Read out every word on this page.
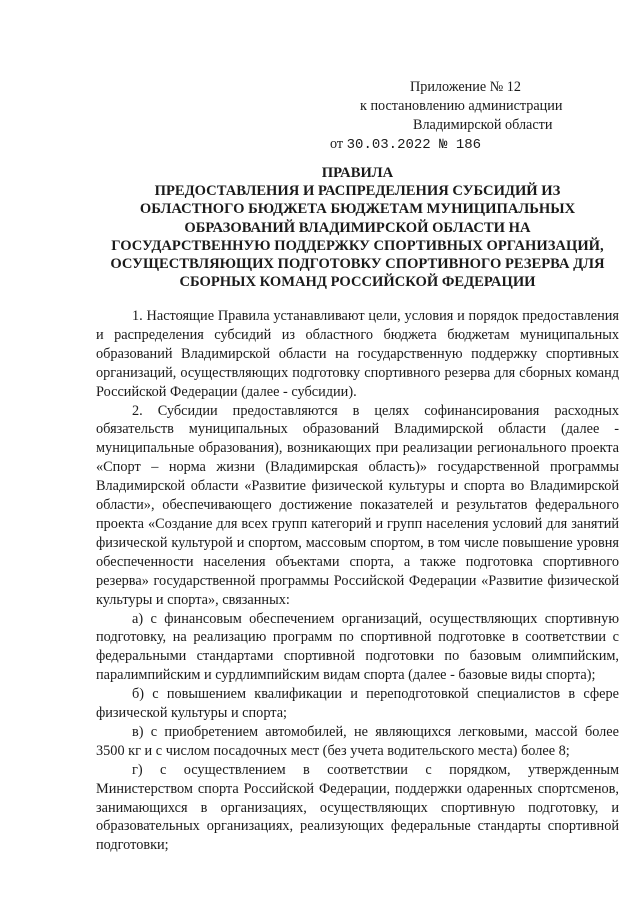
Приложение № 12
к постановлению администрации
Владимирской области
от 30.03.2022 № 186
ПРАВИЛА
ПРЕДОСТАВЛЕНИЯ И РАСПРЕДЕЛЕНИЯ СУБСИДИЙ ИЗ
ОБЛАСТНОГО БЮДЖЕТА БЮДЖЕТАМ МУНИЦИПАЛЬНЫХ
ОБРАЗОВАНИЙ ВЛАДИМИРСКОЙ ОБЛАСТИ НА
ГОСУДАРСТВЕННУЮ ПОДДЕРЖКУ СПОРТИВНЫХ ОРГАНИЗАЦИЙ,
ОСУЩЕСТВЛЯЮЩИХ ПОДГОТОВКУ СПОРТИВНОГО РЕЗЕРВА ДЛЯ
СБОРНЫХ КОМАНД РОССИЙСКОЙ ФЕДЕРАЦИИ

1. Настоящие Правила устанавливают цели, условия и порядок предоставления и распределения субсидий из областного бюджета бюджетам муниципальных образований Владимирской области на государственную поддержку спортивных организаций, осуществляющих подготовку спортивного резерва для сборных команд Российской Федерации (далее - субсидии).

2. Субсидии предоставляются в целях софинансирования расходных обязательств муниципальных образований Владимирской области (далее - муниципальные образования), возникающих при реализации регионального проекта «Спорт – норма жизни (Владимирская область)» государственной программы Владимирской области «Развитие физической культуры и спорта во Владимирской области», обеспечивающего достижение показателей и результатов федерального проекта «Создание для всех групп категорий и групп населения условий для занятий физической культурой и спортом, массовым спортом, в том числе повышение уровня обеспеченности населения объектами спорта, а также подготовка спортивного резерва» государственной программы Российской Федерации «Развитие физической культуры и спорта», связанных:

а) с финансовым обеспечением организаций, осуществляющих спортивную подготовку, на реализацию программ по спортивной подготовке в соответствии с федеральными стандартами спортивной подготовки по базовым олимпийским, паралимпийским и сурдлимпийским видам спорта (далее - базовые виды спорта);

б) с повышением квалификации и переподготовкой специалистов в сфере физической культуры и спорта;

в) с приобретением автомобилей, не являющихся легковыми, массой более 3500 кг и с числом посадочных мест (без учета водительского места) более 8;

г) с осуществлением в соответствии с порядком, утвержденным Министерством спорта Российской Федерации, поддержки одаренных спортсменов, занимающихся в организациях, осуществляющих спортивную подготовку, и образовательных организациях, реализующих федеральные стандарты спортивной подготовки;
